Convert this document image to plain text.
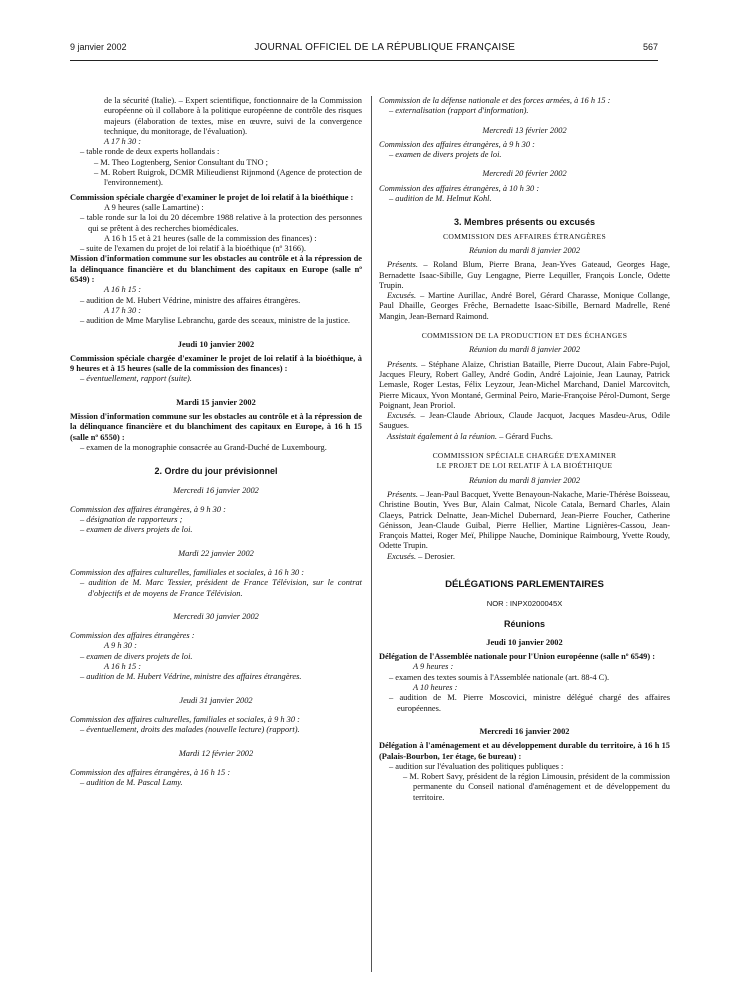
9 janvier 2002	JOURNAL OFFICIEL DE LA RÉPUBLIQUE FRANÇAISE	567
de la sécurité (Italie). – Expert scientifique, fonctionnaire de la Commission européenne où il collabore à la politique européenne de contrôle des risques majeurs (élaboration de textes, mise en œuvre, suivi de la convergence technique, du monitorage, de l'évaluation).
A 17 h 30 :
– table ronde de deux experts hollandais :
– M. Theo Logtenberg, Senior Consultant du TNO ;
– M. Robert Ruigrok, DCMR Milieudienst Rijnmond (Agence de protection de l'environnement).
Commission spéciale chargée d'examiner le projet de loi relatif à la bioéthique :
A 9 heures (salle Lamartine) :
– table ronde sur la loi du 20 décembre 1988 relative à la protection des personnes qui se prêtent à des recherches biomédicales.
A 16 h 15 et à 21 heures (salle de la commission des finances) :
– suite de l'examen du projet de loi relatif à la bioéthique (nº 3166).
Mission d'information commune sur les obstacles au contrôle et à la répression de la délinquance financière et du blanchiment des capitaux en Europe (salle nº 6549) :
A 16 h 15 :
– audition de M. Hubert Védrine, ministre des affaires étrangères.
A 17 h 30 :
– audition de Mme Marylise Lebranchu, garde des sceaux, ministre de la justice.
Jeudi 10 janvier 2002
Commission spéciale chargée d'examiner le projet de loi relatif à la bioéthique, à 9 heures et à 15 heures (salle de la commission des finances) :
– éventuellement, rapport (suite).
Mardi 15 janvier 2002
Mission d'information commune sur les obstacles au contrôle et à la répression de la délinquance financière et du blanchiment des capitaux en Europe, à 16 h 15 (salle nº 6550) :
– examen de la monographie consacrée au Grand-Duché de Luxembourg.
2. Ordre du jour prévisionnel
Mercredi 16 janvier 2002
Commission des affaires étrangères, à 9 h 30 :
– désignation de rapporteurs ;
– examen de divers projets de loi.
Mardi 22 janvier 2002
Commission des affaires culturelles, familiales et sociales, à 16 h 30 :
– audition de M. Marc Tessier, président de France Télévision, sur le contrat d'objectifs et de moyens de France Télévision.
Mercredi 30 janvier 2002
Commission des affaires étrangères :
A 9 h 30 :
– examen de divers projets de loi.
A 16 h 15 :
– audition de M. Hubert Védrine, ministre des affaires étrangères.
Jeudi 31 janvier 2002
Commission des affaires culturelles, familiales et sociales, à 9 h 30 :
– éventuellement, droits des malades (nouvelle lecture) (rapport).
Mardi 12 février 2002
Commission des affaires étrangères, à 16 h 15 :
– audition de M. Pascal Lamy.
Commission de la défense nationale et des forces armées, à 16 h 15 :
– externalisation (rapport d'information).
Mercredi 13 février 2002
Commission des affaires étrangères, à 9 h 30 :
– examen de divers projets de loi.
Mercredi 20 février 2002
Commission des affaires étrangères, à 10 h 30 :
– audition de M. Helmut Kohl.
3. Membres présents ou excusés
COMMISSION DES AFFAIRES ÉTRANGÈRES
Réunion du mardi 8 janvier 2002
Présents. – Roland Blum, Pierre Brana, Jean-Yves Gateaud, Georges Hage, Bernadette Isaac-Sibille, Guy Lengagne, Pierre Lequiller, François Loncle, Odette Trupin.
Excusés. – Martine Aurillac, André Borel, Gérard Charasse, Monique Collange, Paul Dhaille, Georges Frêche, Bernadette Isaac-Sibille, Bernard Madrelle, René Mangin, Jean-Bernard Raimond.
COMMISSION DE LA PRODUCTION ET DES ÉCHANGES
Réunion du mardi 8 janvier 2002
Présents. – Stéphane Alaize, Christian Bataille, Pierre Ducout, Alain Fabre-Pujol, Jacques Fleury, Robert Galley, André Godin, André Lajoinie, Jean Launay, Patrick Lemasle, Roger Lestas, Félix Leyzour, Jean-Michel Marchand, Daniel Marcovitch, Pierre Micaux, Yvon Montané, Germinal Peiro, Marie-Françoise Pérol-Dumont, Serge Poignant, Jean Proriol.
Excusés. – Jean-Claude Abrioux, Claude Jacquot, Jacques Masdeu-Arus, Odile Saugues.
Assistait également à la réunion. – Gérard Fuchs.
COMMISSION SPÉCIALE CHARGÉE D'EXAMINER
LE PROJET DE LOI RELATIF À LA BIOÉTHIQUE
Réunion du mardi 8 janvier 2002
Présents. – Jean-Paul Bacquet, Yvette Benayoun-Nakache, Marie-Thérèse Boisseau, Christine Boutin, Yves Bur, Alain Calmat, Nicole Catala, Bernard Charles, Alain Claeys, Patrick Delnatte, Jean-Michel Dubernard, Jean-Pierre Foucher, Catherine Génisson, Jean-Claude Guibal, Pierre Hellier, Martine Lignières-Cassou, Jean-François Mattei, Roger Meï, Philippe Nauche, Dominique Raimbourg, Yvette Roudy, Odette Trupin.
Excusés. – Derosier.
DÉLÉGATIONS PARLEMENTAIRES
NOR : INPX0200045X
Réunions
Jeudi 10 janvier 2002
Délégation de l'Assemblée nationale pour l'Union européenne (salle nº 6549) :
A 9 heures :
– examen des textes soumis à l'Assemblée nationale (art. 88-4 C).
A 10 heures :
– audition de M. Pierre Moscovici, ministre délégué chargé des affaires européennes.
Mercredi 16 janvier 2002
Délégation à l'aménagement et au développement durable du territoire, à 16 h 15 (Palais-Bourbon, 1er étage, 6e bureau) :
– audition sur l'évaluation des politiques publiques :
– M. Robert Savy, président de la région Limousin, président de la commission permanente du Conseil national d'aménagement et de développement du territoire.
